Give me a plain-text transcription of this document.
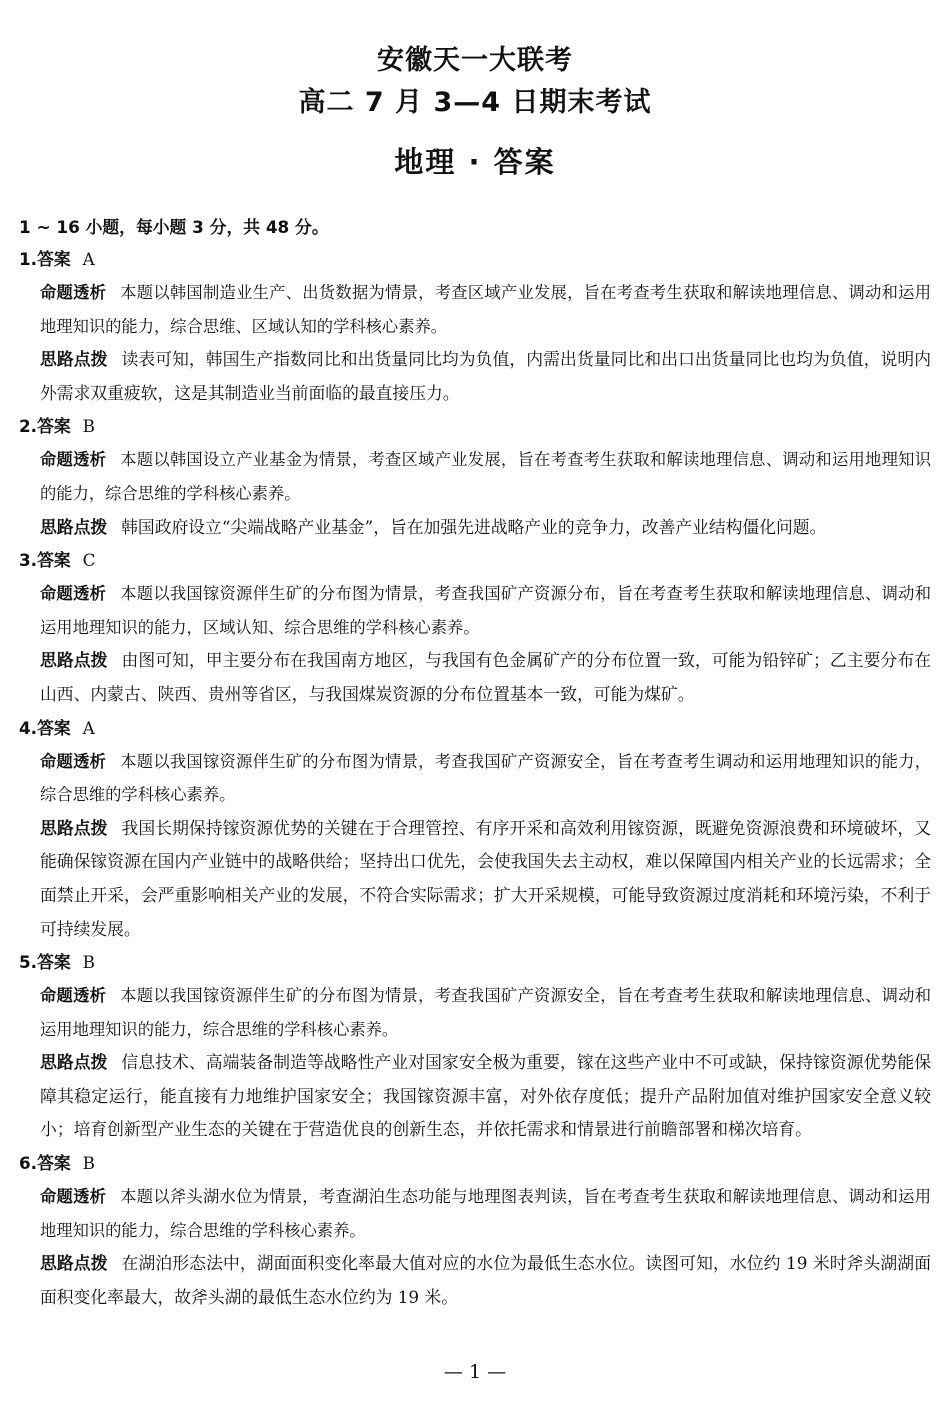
安徽天一大联考
高二 7 月 3—4 日期末考试
地理 · 答案
1 ~ 16 小题，每小题 3 分，共 48 分。
1.答案 A
命题透析 本题以韩国制造业生产、出货数据为情景，考查区域产业发展，旨在考查考生获取和解读地理信息、调动和运用地理知识的能力，综合思维、区域认知的学科核心素养。
思路点拨 读表可知，韩国生产指数同比和出货量同比均为负值，内需出货量同比和出口出货量同比也均为负值，说明内外需求双重疲软，这是其制造业当前面临的最直接压力。
2.答案 B
命题透析 本题以韩国设立产业基金为情景，考查区域产业发展，旨在考查考生获取和解读地理信息、调动和运用地理知识的能力，综合思维的学科核心素养。
思路点拨 韩国政府设立“尖端战略产业基金”，旨在加强先进战略产业的竞争力，改善产业结构僵化问题。
3.答案 C
命题透析 本题以我国镓资源伴生矿的分布图为情景，考查我国矿产资源分布，旨在考查考生获取和解读地理信息、调动和运用地理知识的能力，区域认知、综合思维的学科核心素养。
思路点拨 由图可知，甲主要分布在我国南方地区，与我国有色金属矿产的分布位置一致，可能为铅锌矿；乙主要分布在山西、内蒙古、陕西、贵州等省区，与我国煤炭资源的分布位置基本一致，可能为煤矿。
4.答案 A
命题透析 本题以我国镓资源伴生矿的分布图为情景，考查我国矿产资源安全，旨在考查考生调动和运用地理知识的能力，综合思维的学科核心素养。
思路点拨 我国长期保持镓资源优势的关键在于合理管控、有序开采和高效利用镓资源，既避免资源浪费和环境破坏，又能确保镓资源在国内产业链中的战略供给；坚持出口优先，会使我国失去主动权，难以保障国内相关产业的长远需求；全面禁止开采，会严重影响相关产业的发展，不符合实际需求；扩大开采规模，可能导致资源过度消耗和环境污染，不利于可持续发展。
5.答案 B
命题透析 本题以我国镓资源伴生矿的分布图为情景，考查我国矿产资源安全，旨在考查考生获取和解读地理信息、调动和运用地理知识的能力，综合思维的学科核心素养。
思路点拨 信息技术、高端装备制造等战略性产业对国家安全极为重要，镓在这些产业中不可或缺，保持镓资源优势能保障其稳定运行，能直接有力地维护国家安全；我国镓资源丰富，对外依存度低；提升产品附加值对维护国家安全意义较小；培育创新型产业生态的关键在于营造优良的创新生态，并依托需求和情景进行前瞻部署和梯次培育。
6.答案 B
命题透析 本题以斧头湖水位为情景，考查湖泊生态功能与地理图表判读，旨在考查考生获取和解读地理信息、调动和运用地理知识的能力，综合思维的学科核心素养。
思路点拨 在湖泊形态法中，湖面面积变化率最大值对应的水位为最低生态水位。读图可知，水位约 19 米时斧头湖湖面面积变化率最大，故斧头湖的最低生态水位约为 19 米。
— 1 —
